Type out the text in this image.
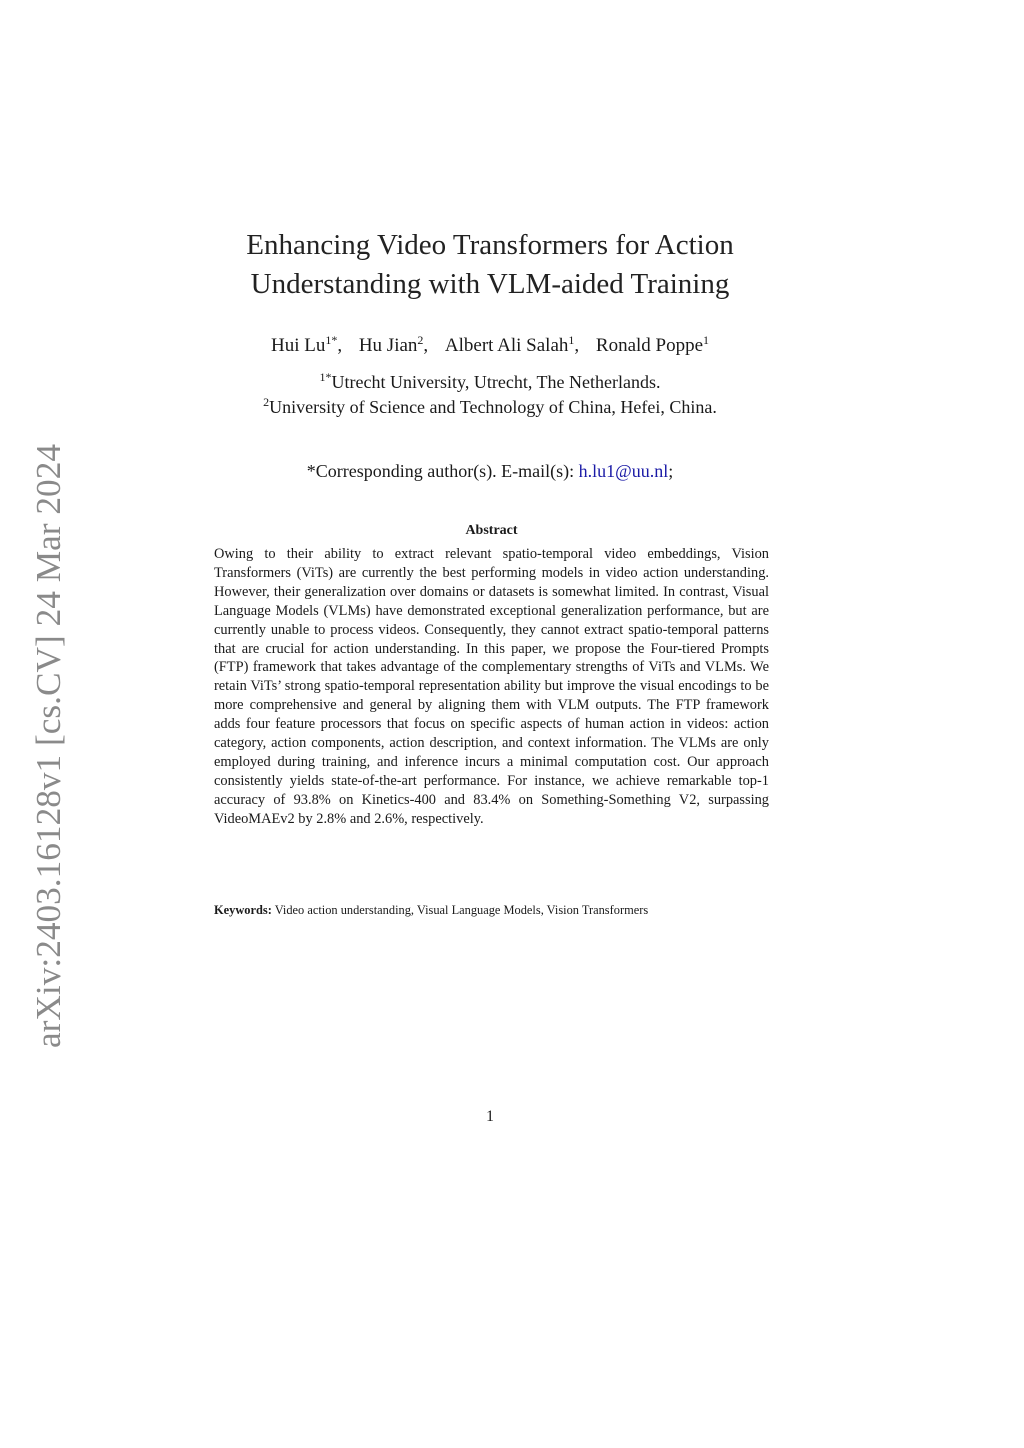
arXiv:2403.16128v1 [cs.CV] 24 Mar 2024
Enhancing Video Transformers for Action
Understanding with VLM-aided Training
Hui $Lu^{1*}$, Hu Jian$^2$, Albert Ali Salah$^1$, Ronald Poppe$^1$
$^{1*}$Utrecht University, Utrecht, The Netherlands.
$^2$University of Science and Technology of China, Hefei, China.
*Corresponding author(s). E-mail(s): h.lu1@uu.nl;
Abstract

Owing to their ability to extract relevant spatio-temporal video embeddings, Vision Transformers (ViTs) are currently the best performing models in video action understanding. However, their generalization over domains or datasets is somewhat limited. In contrast, Visual Language Models (VLMs) have demonstrated exceptional generalization performance, but are currently unable to process videos. Consequently, they cannot extract spatio-temporal patterns that are crucial for action understanding. In this paper, we propose the Four-tiered Prompts (FTP) framework that takes advantage of the complementary strengths of ViTs and VLMs. We retain ViTs’ strong spatio-temporal representation ability but improve the visual encodings to be more comprehensive and general by aligning them with VLM outputs. The FTP framework adds four feature processors that focus on specific aspects of human action in videos: action category, action components, action description, and context information. The VLMs are only employed during training, and inference incurs a minimal computation cost. Our approach consistently yields state-of-the-art performance. For instance, we achieve remarkable top-1 accuracy of 93.8% on Kinetics-400 and 83.4% on Something-Something V2, surpassing VideoMAEv2 by 2.8% and 2.6%, respectively.

Keywords: Video action understanding, Visual Language Models, Vision Transformers
1
